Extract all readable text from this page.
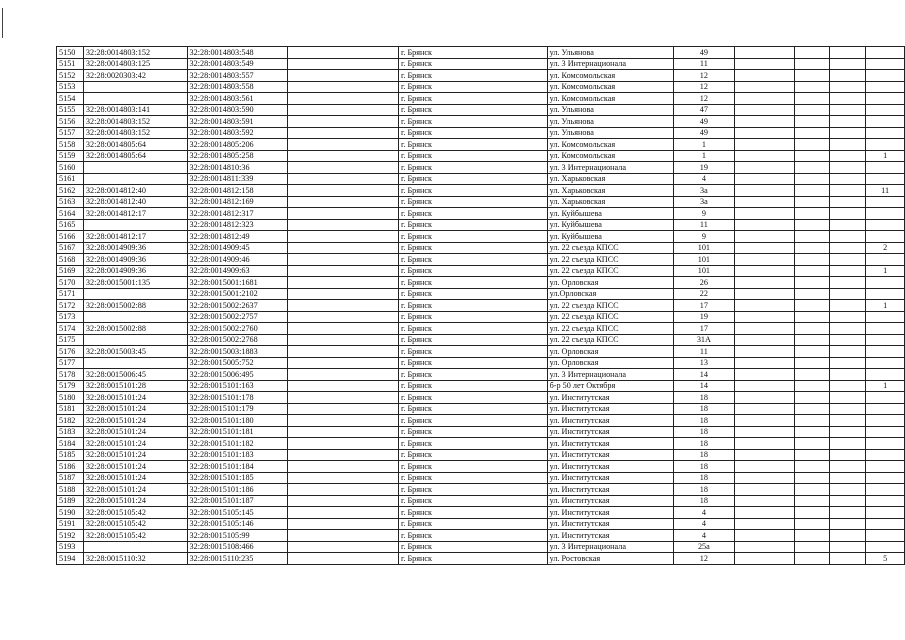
5150	32:28:0014803:152	32:28:0014803:548		г. Брянск	ул. Ульянова	49				
5151	32:28:0014803:125	32:28:0014803:549		г. Брянск	ул. 3 Интернационала	11				
5152	32:28:0020303:42	32:28:0014803:557		г. Брянск	ул. Комсомольская	12				
5153		32:28:0014803:558		г. Брянск	ул. Комсомольская	12				
5154		32:28:0014803:561		г. Брянск	ул. Комсомольская	12				
5155	32:28:0014803:141	32:28:0014803:590		г. Брянск	ул. Ульянова	47				
5156	32:28:0014803:152	32:28:0014803:591		г. Брянск	ул. Ульянова	49				
5157	32:28:0014803:152	32:28:0014803:592		г. Брянск	ул. Ульянова	49				
5158	32:28:0014805:64	32:28:0014805:206		г. Брянск	ул. Комсомольская	1				
5159	32:28:0014805:64	32:28:0014805:258		г. Брянск	ул. Комсомольская	1				1
5160		32:28:0014810:36		г. Брянск	ул. 3 Интернационала	19				
5161		32:28:0014811:339		г. Брянск	ул. Харьковская	4				
5162	32:28:0014812:40	32:28:0014812:158		г. Брянск	ул. Харьковская	3а				11
5163	32:28:0014812:40	32:28:0014812:169		г. Брянск	ул. Харьковская	3а				
5164	32:28:0014812:17	32:28:0014812:317		г. Брянск	ул. Куйбышева	9				
5165		32:28:0014812:323		г. Брянск	ул. Куйбышева	11				
5166	32:28:0014812:17	32:28:0014812:49		г. Брянск	ул. Куйбышева	9				
5167	32:28:0014909:36	32:28:0014909:45		г. Брянск	ул. 22 съезда КПСС	101				2
5168	32:28:0014909:36	32:28:0014909:46		г. Брянск	ул. 22 съезда КПСС	101				
5169	32:28:0014909:36	32:28:0014909:63		г. Брянск	ул. 22 съезда КПСС	101				1
5170	32:28:0015001:135	32:28:0015001:1681		г. Брянск	ул. Орловская	26				
5171		32:28:0015001:2102		г. Брянск	ул.Орловская	22				
5172	32:28:0015002:88	32:28:0015002:2637		г. Брянск	ул. 22 съезда КПСС	17				1
5173		32:28:0015002:2757		г. Брянск	ул. 22 съезда КПСС	19				
5174	32:28:0015002:88	32:28:0015002:2760		г. Брянск	ул. 22 съезда КПСС	17				
5175		32:28:0015002:2768		г. Брянск	ул. 22 съезда КПСС	31А				
5176	32:28:0015003:45	32:28:0015003:1883		г. Брянск	ул. Орловская	11				
5177		32:28:0015005:752		г. Брянск	ул. Орловская	13				
5178	32:28:0015006:45	32:28:0015006:495		г. Брянск	ул. 3 Интернационала	14				
5179	32:28:0015101:28	32:28:0015101:163		г. Брянск	б-р 50 лет Октября	14				1
5180	32:28:0015101:24	32:28:0015101:178		г. Брянск	ул. Институтская	18				
5181	32:28:0015101:24	32:28:0015101:179		г. Брянск	ул. Институтская	18				
5182	32:28:0015101:24	32:28:0015101:180		г. Брянск	ул. Институтская	18				
5183	32:28:0015101:24	32:28:0015101:181		г. Брянск	ул. Институтская	18				
5184	32:28:0015101:24	32:28:0015101:182		г. Брянск	ул. Институтская	18				
5185	32:28:0015101:24	32:28:0015101:183		г. Брянск	ул. Институтская	18				
5186	32:28:0015101:24	32:28:0015101:184		г. Брянск	ул. Институтская	18				
5187	32:28:0015101:24	32:28:0015101:185		г. Брянск	ул. Институтская	18				
5188	32:28:0015101:24	32:28:0015101:186		г. Брянск	ул. Институтская	18				
5189	32:28:0015101:24	32:28:0015101:187		г. Брянск	ул. Институтская	18				
5190	32:28:0015105:42	32:28:0015105:145		г. Брянск	ул. Институтская	4				
5191	32:28:0015105:42	32:28:0015105:146		г. Брянск	ул. Институтская	4				
5192	32:28:0015105:42	32:28:0015105:99		г. Брянск	ул. Институтская	4				
5193		32:28:0015108:466		г. Брянск	ул. 3 Интернационала	25а				
5194	32:28:0015110:32	32:28:0015110:235		г. Брянск	ул. Ростовская	12				5
